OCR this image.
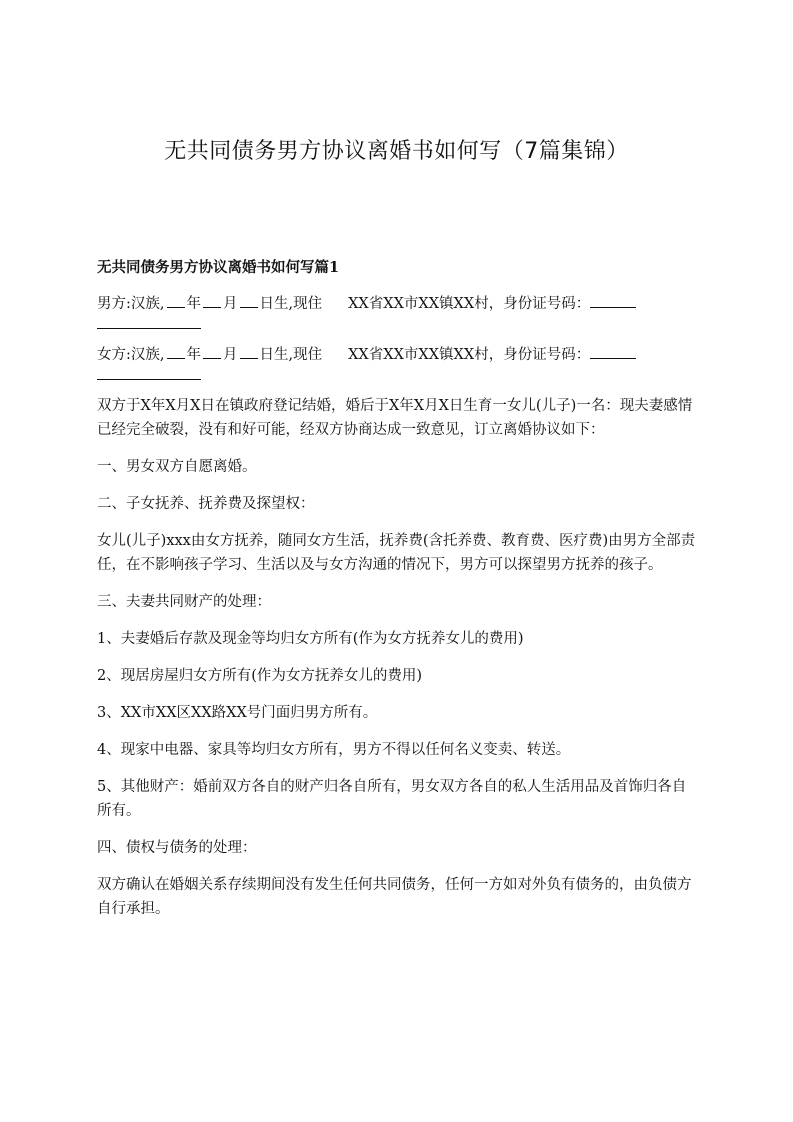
无共同债务男方协议离婚书如何写（7篇集锦）
无共同债务男方协议离婚书如何写篇1
男方:汉族, 年 月 日生,现住 XX省XX市XX镇XX村，身份证号码：
女方:汉族, 年 月 日生,现住 XX省XX市XX镇XX村，身份证号码：

双方于X年X月X日在镇政府登记结婚，婚后于X年X月X日生育一女儿(儿子)一名：现夫妻感情已经完全破裂，没有和好可能，经双方协商达成一致意见，订立离婚协议如下：

一、男女双方自愿离婚。

二、子女抚养、抚养费及探望权：

女儿(儿子)xxx由女方抚养，随同女方生活，抚养费(含托养费、教育费、医疗费)由男方全部责任，在不影响孩子学习、生活以及与女方沟通的情况下，男方可以探望男方抚养的孩子。

三、夫妻共同财产的处理：

1、夫妻婚后存款及现金等均归女方所有(作为女方抚养女儿的费用)

2、现居房屋归女方所有(作为女方抚养女儿的费用)

3、XX市XX区XX路XX号门面归男方所有。

4、现家中电器、家具等均归女方所有，男方不得以任何名义变卖、转送。

5、其他财产：婚前双方各自的财产归各自所有，男女双方各自的私人生活用品及首饰归各自所有。

四、债权与债务的处理：

双方确认在婚姻关系存续期间没有发生任何共同债务，任何一方如对外负有债务的，由负债方自行承担。
